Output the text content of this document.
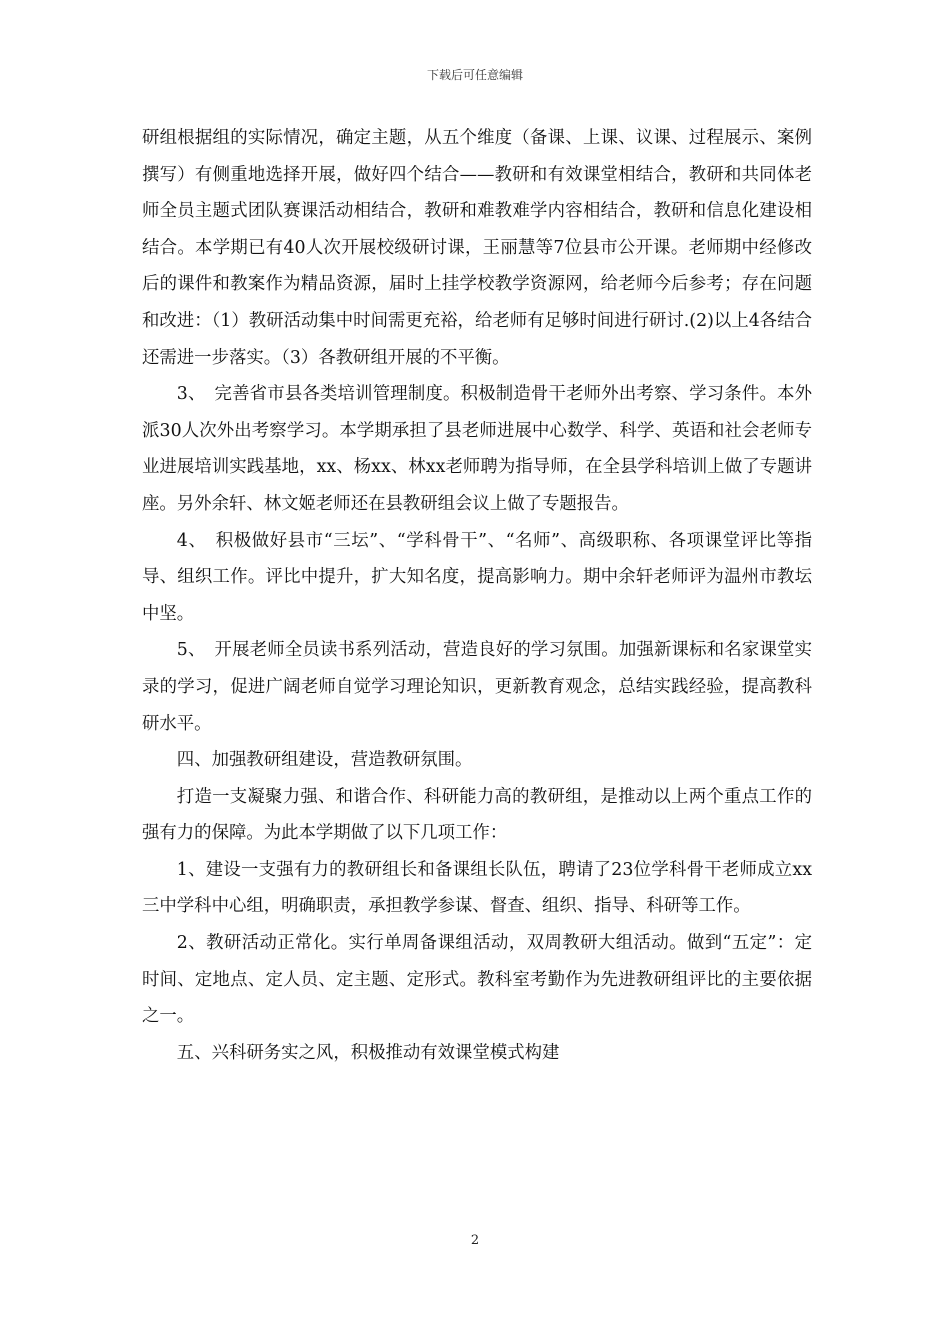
下载后可任意编辑

研组根据组的实际情况，确定主题，从五个维度（备课、上课、议课、过程展示、案例撰写）有侧重地选择开展，做好四个结合——教研和有效课堂相结合，教研和共同体老师全员主题式团队赛课活动相结合，教研和难教难学内容相结合，教研和信息化建设相结合。本学期已有40人次开展校级研讨课，王丽慧等7位县市公开课。老师期中经修改后的课件和教案作为精品资源，届时上挂学校教学资源网，给老师今后参考；存在问题和改进：（1）教研活动集中时间需更充裕，给老师有足够时间进行研讨.(2)以上4各结合还需进一步落实。（3）各教研组开展的不平衡。

3、　完善省市县各类培训管理制度。积极制造骨干老师外出考察、学习条件。本外派30人次外出考察学习。本学期承担了县老师进展中心数学、科学、英语和社会老师专业进展培训实践基地，xx、杨xx、林xx老师聘为指导师，在全县学科培训上做了专题讲座。另外余轩、林文姬老师还在县教研组会议上做了专题报告。

4、　积极做好县市“三坛”、“学科骨干”、“名师”、高级职称、各项课堂评比等指导、组织工作。评比中提升，扩大知名度，提高影响力。期中余轩老师评为温州市教坛中坚。

5、　开展老师全员读书系列活动，营造良好的学习氛围。加强新课标和名家课堂实录的学习，促进广阔老师自觉学习理论知识，更新教育观念，总结实践经验，提高教科研水平。

四、加强教研组建设，营造教研氛围。

打造一支凝聚力强、和谐合作、科研能力高的教研组，是推动以上两个重点工作的强有力的保障。为此本学期做了以下几项工作：

1、建设一支强有力的教研组长和备课组长队伍，聘请了23位学科骨干老师成立xx三中学科中心组，明确职责，承担教学参谋、督查、组织、指导、科研等工作。

2、教研活动正常化。实行单周备课组活动，双周教研大组活动。做到“五定”：定时间、定地点、定人员、定主题、定形式。教科室考勤作为先进教研组评比的主要依据之一。

五、兴科研务实之风，积极推动有效课堂模式构建

2
